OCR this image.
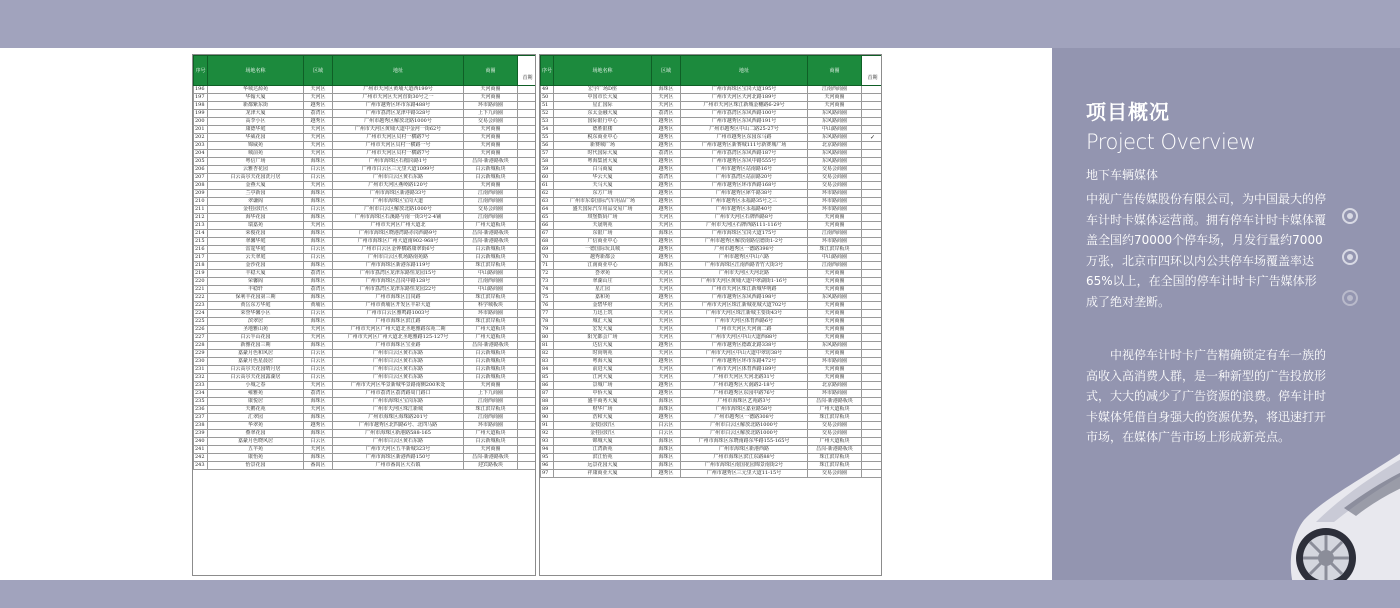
序号	场地名称	区域	地址	商圈	首期
196	华城达源苑	天河区	广州市天河区黄埔大道西199号	天河商圈	
197	华翰大厦	天河区	广州市天河区天河直街30号之一	天河商圈	
198	新都紫东街	越秀区	广州市越秀区环市东路488号	环市路商圈	
199	龙津大厦	荔湾区	广州市荔湾区龙津中路328号	上下九商圈	
200	高李小区	越秀区	广州市越秀区解放北路1000号	交易会商圈	
201	康德华庭	天河区	广州市天河区黄埔大道中金河一街62号	天河商圈	
202	华威花园	天河区	广州市天河区员村一横路7号	天河商圈	
203	锦威苑	天河区	广州市天河区员村一横路一号	天河商圈	
204	城前苑	天河区	广州市天河区员村一横路7号	天河商圈	
205	粤信广场	海珠区	广州市海珠区石榴岗路1号	昌岗-新港路板块	
206	云雅杏花园	白云区	广州市白云区三元里大道1099号	白云新城板块	
207	白云高尔夫花园洗月居	白云区	广州市白云区黄石东路	白云新城板块	
208	金燕大厦	天河区	广州市天河区燕岭路120号	天河商圈	
209	兰亭新园	海珠区	广州市海珠区新港路33号	江南西商圈	
210	翠谦阁	海珠区	广州市海珠区宝岗大道	江南西商圈	
211	金桂园好区	白云区	广州市白云区解放北路1000号	交易会商圈	
212	海华花园	海珠区	广州市海珠区石溪路与南一街3号2-4铺	江南西商圈	
213	瑞嘉苑	天河区	广州市天河区广州大道北	广州大道板块	
214	荣俊花园	海珠区	广州市海珠区晓港湾路赤岗西路9号	昌岗-新港路板块	
215	翠馨华庭	海珠区	广州市海珠区广州大道南902-968号	昌岗-新港路板块	
216	雷霆华庭	白云区	广州市白云区金钟横路康翠街6号	白云新城板块	
217	云天翠庭	白云区	广州市白云区机场路南苑路	白云新城板块	
218	金沙花园	海珠区	广州市海珠区新港东路119号	珠江滨岸板块	
219	丰稳大厦	荔湾区	广州市荔湾区龙津东路恒龙园15号	中山路商圈	
220	荣馨阁	海珠区	广州市海珠区昌岗中路128号	江南西商圈	
221	丰稳轩	荔湾区	广州市荔湾区龙津东路恒龙园22号	中山路商圈	
222	保利丰花园第三期	海珠区	广州市海珠区昌岗路	珠江滨岸板块	
223	黄岳东方华庭	黄埔区	广州市黄埔区开发区丰彩大道	科学城板块	
224	荣誉华馨小区	白云区	广州市白云区雅鸣路1003号	环市路商圈	
225	滨翠居	海珠区	广州市海珠区滨江路	珠江滨岸板块	
226	圣地雅山苑	天河区	广州市天河区广州大道北圣地雅路东苑二期	广州大道板块	
227	白云半山花园	天河区	广州市天河区广州大道北圣地雅路125-127号	广州大道板块	
228	新雅花园三期	海珠区	广州市海珠区宝业路	昌岗-新港路板块	
229	嘉豪月色和风居	白云区	广州市白云区黄石东路	白云新城板块	
230	嘉豪月色星晨居	白云区	广州市白云区黄石东路	白云新城板块	
231	白云高尔夫花园晴月居	白云区	广州市白云区黄石东路	白云新城板块	
232	白云高尔夫花园露湖居	白云区	广州市白云区黄石东路	白云新城板块	
233	小城之春	天河区	广州市天河区华景新城华景路南侧200米处	天河商圈	
234	雍雅苑	荔湾区	广州市荔湾区荔湾路周门路口	上下九商圈	
235	康悦居	海珠区	广州市海珠区宝岗东路	江南西商圈	
236	天鹅花苑	天河区	广州市天河区珠江新城	珠江滨岸板块	
237	汇翠园	海珠区	广州市海珠区海珠路201号	江南西商圈	
238	华翠苑	越秀区	广州市越秀区北四路6号、北四马路	环市路商圈	
239	叠翠花园	海珠区	广州市海珠区新港路588-165	广州大道板块	
240	嘉豪月色晓风居	白云区	广州市白云区黄石东路	白云新城板块	
241	五羊苑	天河区	广州市天河区五羊新城323号	天河商圈	
242	康怡苑	海珠区	广州市海珠区新港西路150号	昌岗-新港路板块	
243	怡景花园	番禺区	广州市番禺区大石镇	迎宾路板块	
序号	场地名称	区域	地址	商圈	首期
49	宏宇广场D座	海珠区	广州市海珠区宝岗大道195号	江南西商圈	
50	中国市长大厦	天河区	广州市天河区天河北路189号	天河商圈	
51	星汇国际	天河区	广州市天河区珠江新城金穗路6-29号	天河商圈	
52	东太金融大厦	荔湾区	广州市荔湾区东风西路100号	东风路商圈	
53	国际银行中心	越秀区	广州市越秀区东风西路191号	东风路商圈	
54	德胜银楼	越秀区	广州市越秀区中山二路25-27号	中山路商圈	
55	税东商业中心	越秀区	广州市越秀区东园东马路	东风路商圈	✓
56	新赛城广场	越秀区	广州市越秀区新赛城111号新赛城广场	北京路商圈	
57	时代国际大厦	荔湾区	广州市荔湾区东风西路187号	东风路商圈	
58	粤海集团大厦	越秀区	广州市越秀区东风中路555号	东风路商圈	
59	白马商厦	越秀区	广州市越秀区站南路16号	交易会商圈	
60	华云大厦	荔湾区	广州市荔湾区站前路20号	交易会商圈	
61	天马大厦	越秀区	广州市越秀区环市西路168号	交易会商圈	
62	东方广场	越秀区	广州市越秀区犀牛路38号	环市路商圈	
63	广州市东泰国际汽车用品广场	越秀区	广州市越秀区永福路35号之三	环市路商圈	
64	盛天国际汽车用品交易广场	越秀区	广州市越秀区永福路40号	环市路商圈	
65	琪堡数码广场	天河区	广州市天河区石牌西路8号	天河商圈	
66	天晟明苑	天河区	广州市天河区石牌西路111-116号	天河商圈	
67	东银广场	海珠区	广州市海珠区宝岗大道175号	江南西商圈	
68	广信商业中心	越秀区	广州市越秀区解放南路信德街1-2号	环市路商圈	
69	一德国际玩具城	越秀区	广州市越秀区一德路398号	珠江滨岸板块	
70	越秀新都会	越秀区	广州市越秀区中山六路	中山路商圈	
71	江南商业中心	海珠区	广州市海珠区江南西路青竹大街3号	江南西商圈	
72	荟翠苑	天河区	广州市天河区天河北路	天河商圈	
73	翠湖山庄	天河区	广州市天河区黄埔大道中翠湖街1-16号	天河商圈	
74	星汇园	天河区	广州市天河区珠江新城华明路	天河商圈	
75	嘉和苑	越秀区	广州市越秀区东风西路198号	东风路商圈	
76	金碧华府	天河区	广州市天河区珠江新城花城大道702号	天河商圈	
77	力迅上筑	天河区	广州市天河区珠江新城主要街43号	天河商圈	
78	城汇大厦	天河区	广州市天河区体育西路6号	天河商圈	
79	宏发大厦	天河区	广州市天河区天河南二路	天河商圈	
80	阳光都会广场	天河区	广州市天河区中山大道西88号	天河商圈	
81	达信大厦	越秀区	广州市越秀区德政北路338号	东风路商圈	
82	时尚明苑	天河区	广州市天河区中山大道中翠坊38号	天河商圈	
83	粤海大厦	越秀区	广州市越秀区环市东路472号	环市路商圈	
84	前进大厦	天河区	广州市天河区体育西路189号	天河商圈	
85	江河大厦	天河区	广州市天河区天河北路31号	天河商圈	
86	景城广场	越秀区	广州市越秀区大南路2-18号	北京路商圈	
87	中侨大厦	越秀区	广州市越秀区东园中路76号	环市路商圈	
88	盛丰商务大厦	海珠区	广州市海珠区艺苑路3号	昌岗-新港路板块	
89	财华广场	海珠区	广州市海珠区嘉业路58号	广州大道板块	
90	浩和大厦	越秀区	广州市越秀区一德路308号	珠江滨岸板块	
91	金枝园好区	白云区	广州市白云区解放北路1000号	交易会商圈	
92	金桂园好区	白云区	广州市白云区解放北路1000号	交易会商圈	
93	锦城大厦	海珠区	广州市海珠区东晓南路东华路155-165号	广州大道板块	
94	江湾新苑	海珠区	广州市海珠区新港西路	昌岗-新港路板块	
95	滨江怡苑	海珠区	广州市海珠区滨江东路88号	珠江滨岸板块	
96	远景花园大厦	海珠区	广州市海珠区南国花园锦景南街2号	珠江滨岸板块	
97	祥康商业大厦	越秀区	广州市越秀区三元里大道11-15号	交易会商圈	
项目概况
Project Overview
地下车辆媒体
中视广告传媒股份有限公司，为中国最大的停车计时卡媒体运营商。拥有停车计时卡媒体覆盖全国约70000个停车场，月发行量约7000万张，北京市四环以内公共停车场覆盖率达65%以上，在全国的停车计时卡广告媒体形成了绝对垄断。
中视停车计时卡广告精确锁定有车一族的高收入高消费人群，是一种新型的广告投放形式，大大的减少了广告资源的浪费。停车计时卡媒体凭借自身强大的资源优势，将迅速打开市场，在媒体广告市场上形成新亮点。
